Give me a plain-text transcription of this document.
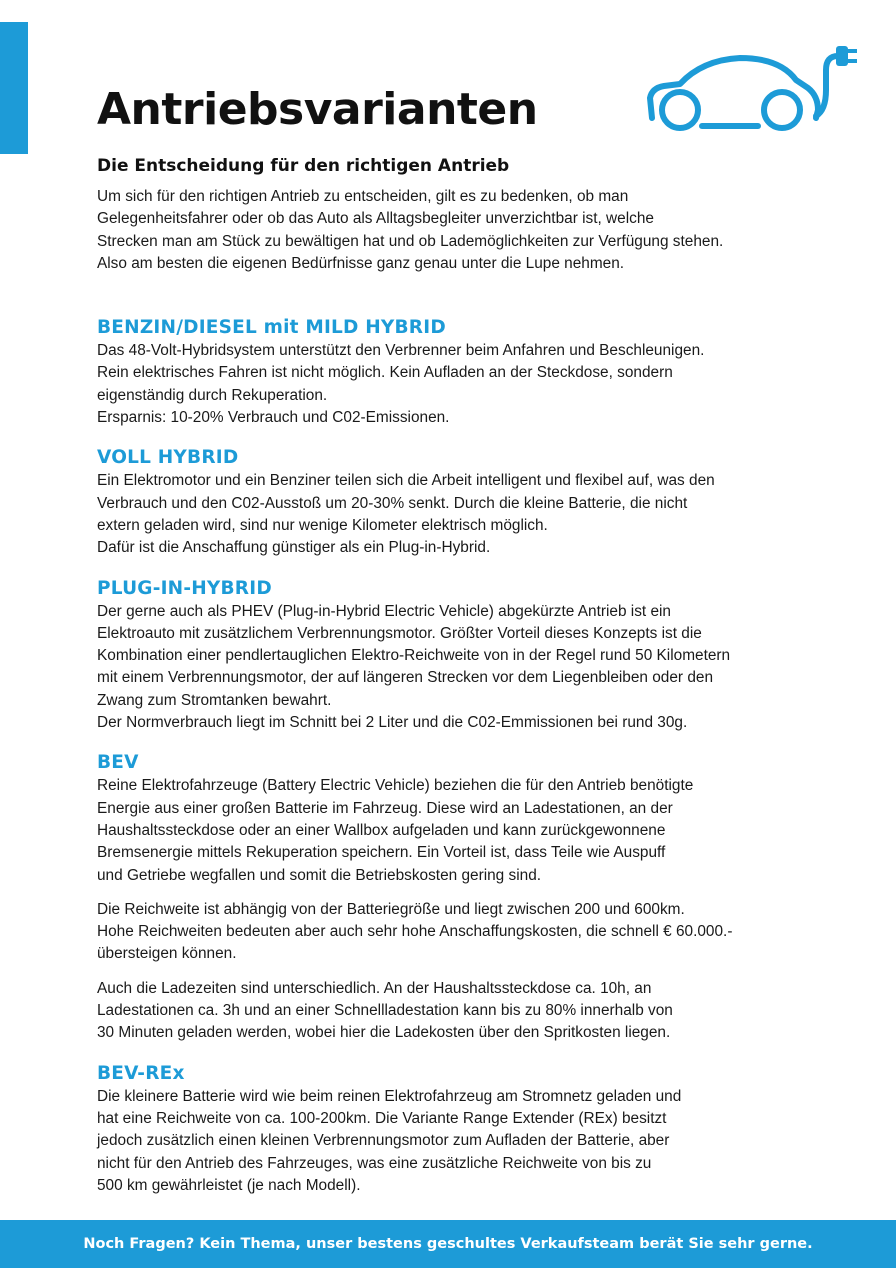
Antriebsvarianten
Die Entscheidung für den richtigen Antrieb

Um sich für den richtigen Antrieb zu entscheiden, gilt es zu bedenken, ob man
Gelegenheitsfahrer oder ob das Auto als Alltagsbegleiter unverzichtbar ist, welche
Strecken man am Stück zu bewältigen hat und ob Lademöglichkeiten zur Verfügung stehen.
Also am besten die eigenen Bedürfnisse ganz genau unter die Lupe nehmen.

BENZIN/DIESEL mit MILD HYBRID

Das 48-Volt-Hybridsystem unterstützt den Verbrenner beim Anfahren und Beschleunigen.
Rein elektrisches Fahren ist nicht möglich. Kein Aufladen an der Steckdose, sondern
eigenständig durch Rekuperation.
Ersparnis: 10-20% Verbrauch und C02-Emissionen.

VOLL HYBRID

Ein Elektromotor und ein Benziner teilen sich die Arbeit intelligent und flexibel auf, was den
Verbrauch und den C02-Ausstoß um 20-30% senkt. Durch die kleine Batterie, die nicht
extern geladen wird, sind nur wenige Kilometer elektrisch möglich.
Dafür ist die Anschaffung günstiger als ein Plug-in-Hybrid.

PLUG-IN-HYBRID

Der gerne auch als PHEV (Plug-in-Hybrid Electric Vehicle) abgekürzte Antrieb ist ein
Elektroauto mit zusätzlichem Verbrennungsmotor. Größter Vorteil dieses Konzepts ist die
Kombination einer pendlertauglichen Elektro-Reichweite von in der Regel rund 50 Kilometern
mit einem Verbrennungsmotor, der auf längeren Strecken vor dem Liegenbleiben oder den
Zwang zum Stromtanken bewahrt.
Der Normverbrauch liegt im Schnitt bei 2 Liter und die C02-Emmissionen bei rund 30g.

BEV

Reine Elektrofahrzeuge (Battery Electric Vehicle) beziehen die für den Antrieb benötigte
Energie aus einer großen Batterie im Fahrzeug. Diese wird an Ladestationen, an der
Haushaltssteckdose oder an einer Wallbox aufgeladen und kann zurückgewonnene
Bremsenergie mittels Rekuperation speichern. Ein Vorteil ist, dass Teile wie Auspuff
und Getriebe wegfallen und somit die Betriebskosten gering sind.

Die Reichweite ist abhängig von der Batteriegröße und liegt zwischen 200 und 600km.
Hohe Reichweiten bedeuten aber auch sehr hohe Anschaffungskosten, die schnell € 60.000.-
übersteigen können.

Auch die Ladezeiten sind unterschiedlich. An der Haushaltssteckdose ca. 10h, an
Ladestationen ca. 3h und an einer Schnellladestation kann bis zu 80% innerhalb von
30 Minuten geladen werden, wobei hier die Ladekosten über den Spritkosten liegen.

BEV-REx

Die kleinere Batterie wird wie beim reinen Elektrofahrzeug am Stromnetz geladen und
hat eine Reichweite von ca. 100-200km. Die Variante Range Extender (REx) besitzt
jedoch zusätzlich einen kleinen Verbrennungsmotor zum Aufladen der Batterie, aber
nicht für den Antrieb des Fahrzeuges, was eine zusätzliche Reichweite von bis zu
500 km gewährleistet (je nach Modell).

Noch Fragen? Kein Thema, unser bestens geschultes Verkaufsteam berät Sie sehr gerne.
